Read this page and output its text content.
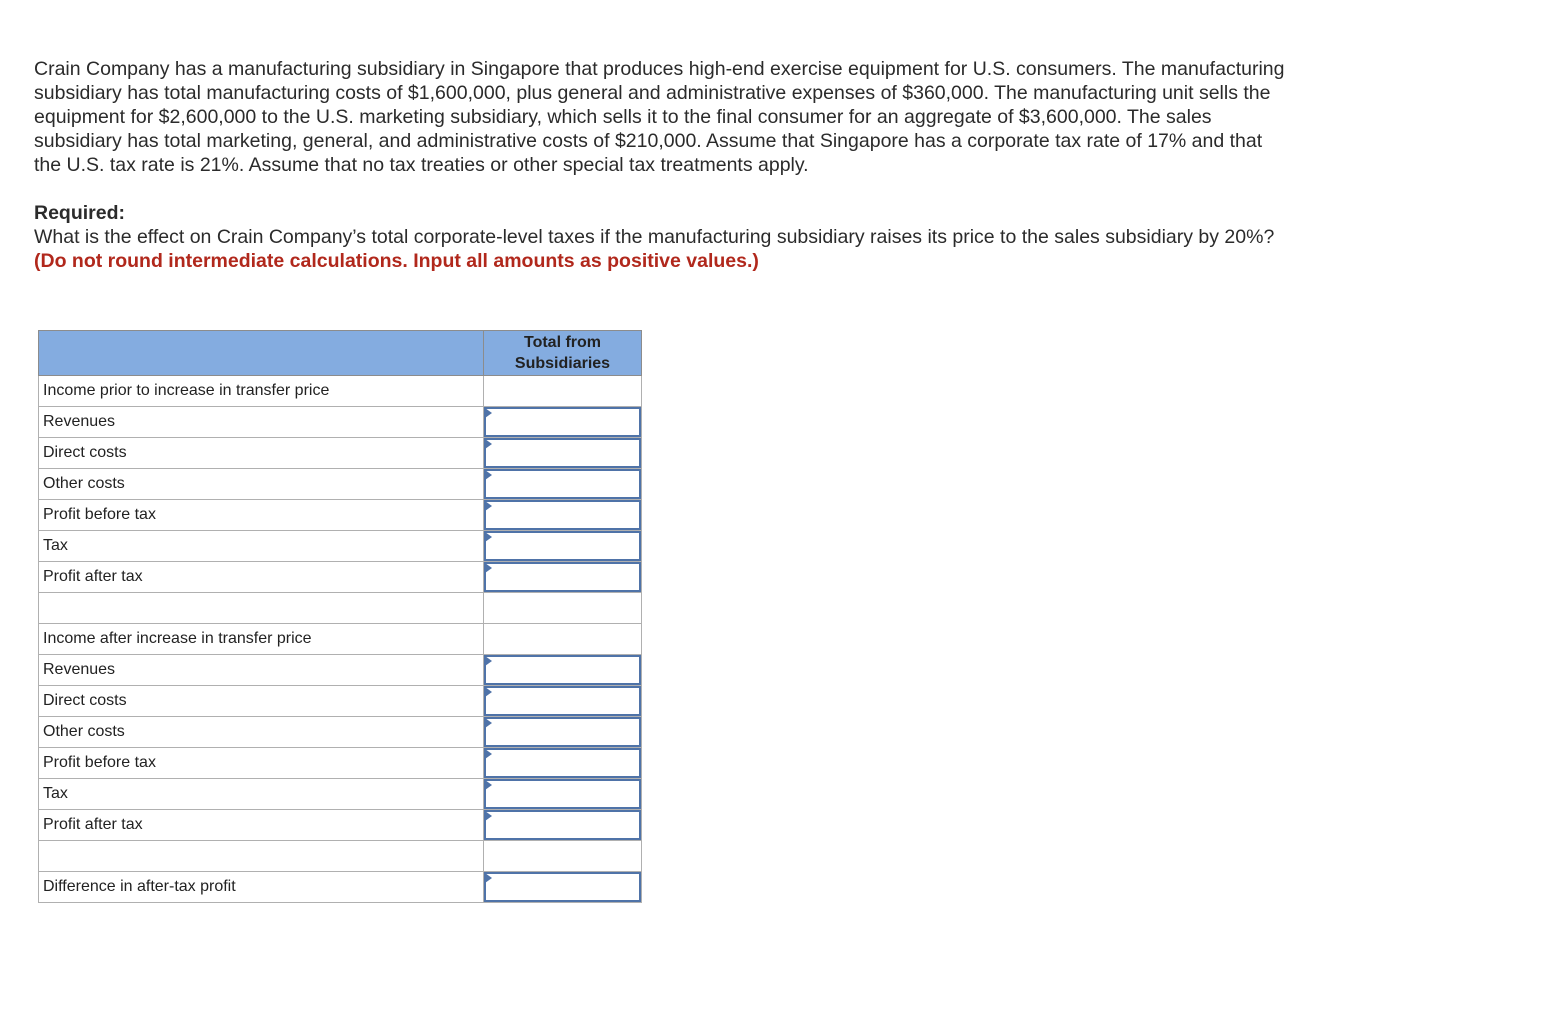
Crain Company has a manufacturing subsidiary in Singapore that produces high-end exercise equipment for U.S. consumers. The manufacturing subsidiary has total manufacturing costs of $1,600,000, plus general and administrative expenses of $360,000. The manufacturing unit sells the equipment for $2,600,000 to the U.S. marketing subsidiary, which sells it to the final consumer for an aggregate of $3,600,000. The sales subsidiary has total marketing, general, and administrative costs of $210,000. Assume that Singapore has a corporate tax rate of 17% and that the U.S. tax rate is 21%. Assume that no tax treaties or other special tax treatments apply.

Required:

What is the effect on Crain Company’s total corporate-level taxes if the manufacturing subsidiary raises its price to the sales subsidiary by 20%? (Do not round intermediate calculations. Input all amounts as positive values.)

	Total from Subsidiaries
Income prior to increase in transfer price	
Revenues	

Direct costs	

Other costs	

Profit before tax	

Tax	

Profit after tax	

Income after increase in transfer price	
Revenues	

Direct costs	

Other costs	

Profit before tax	

Tax	

Profit after tax	

Difference in after-tax profit	
